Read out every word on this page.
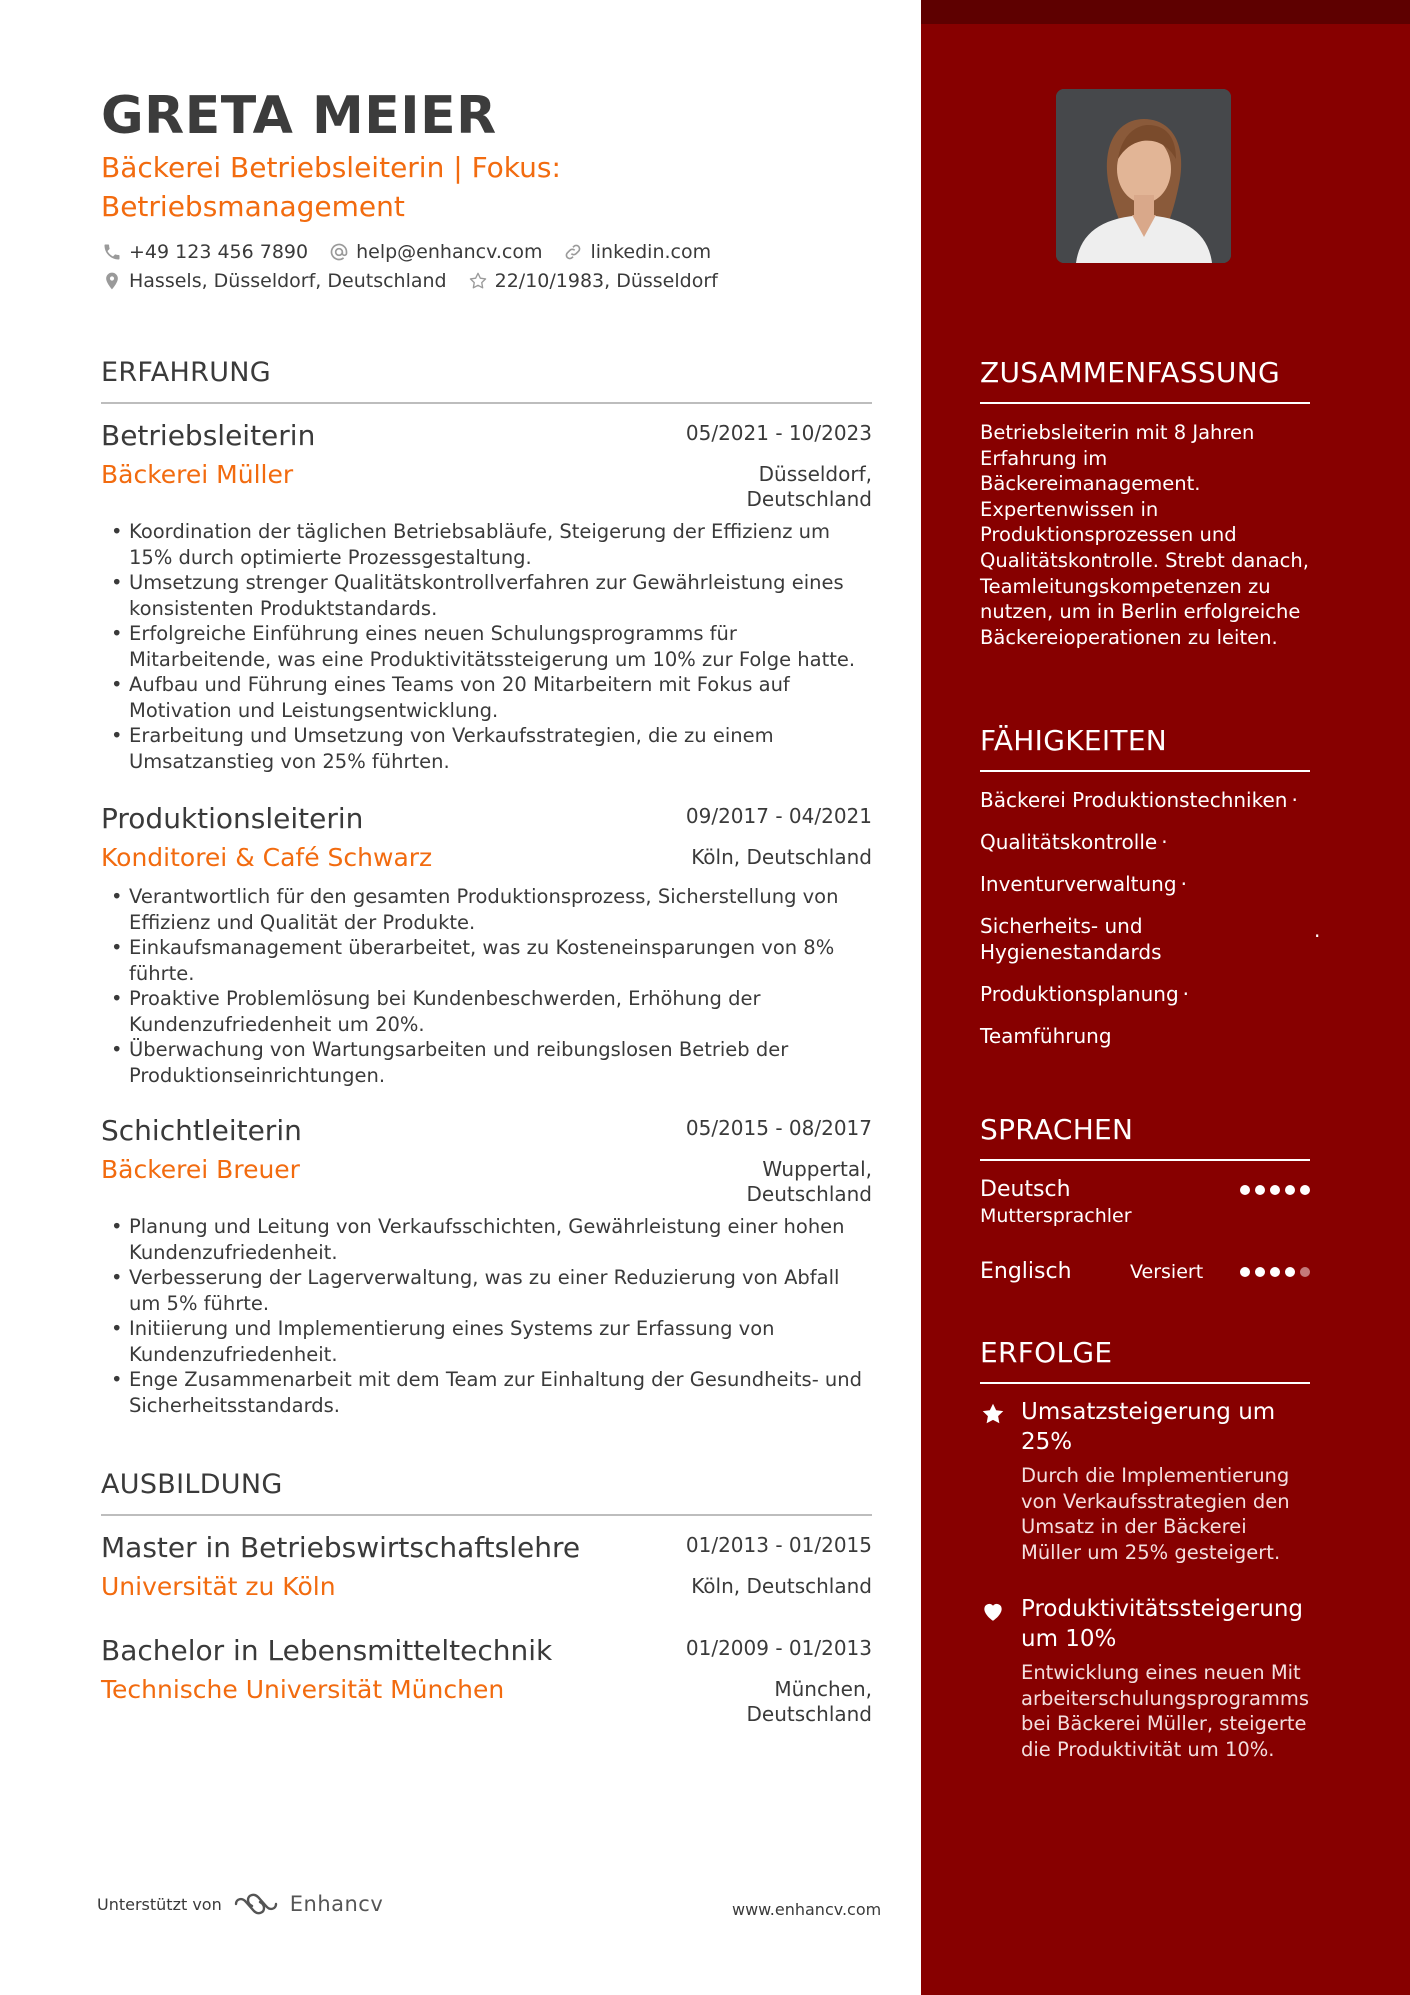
GRETA MEIER
Bäckerei Betriebsleiterin | Fokus: Betriebsmanagement
+49 123 456 7890	help@enhancv.com	linkedin.com
Hassels, Düsseldorf, Deutschland	22/10/1983, Düsseldorf
ERFAHRUNG
Betriebsleiterin	05/2021 - 10/2023
Bäckerei Müller	Düsseldorf, Deutschland
• Koordination der täglichen Betriebsabläufe, Steigerung der Effizienz um 15% durch optimierte Prozessgestaltung.
• Umsetzung strenger Qualitätskontrollverfahren zur Gewährleistung eines konsistenten Produktstandards.
• Erfolgreiche Einführung eines neuen Schulungsprogramms für Mitarbeitende, was eine Produktivitätssteigerung um 10% zur Folge hatte.
• Aufbau und Führung eines Teams von 20 Mitarbeitern mit Fokus auf Motivation und Leistungsentwicklung.
• Erarbeitung und Umsetzung von Verkaufsstrategien, die zu einem Umsatzanstieg von 25% führten.
Produktionsleiterin	09/2017 - 04/2021
Konditorei & Café Schwarz	Köln, Deutschland
• Verantwortlich für den gesamten Produktionsprozess, Sicherstellung von Effizienz und Qualität der Produkte.
• Einkaufsmanagement überarbeitet, was zu Kosteneinsparungen von 8% führte.
• Proaktive Problemlösung bei Kundenbeschwerden, Erhöhung der Kundenzufriedenheit um 20%.
• Überwachung von Wartungsarbeiten und reibungslosen Betrieb der Produktionseinrichtungen.
Schichtleiterin	05/2015 - 08/2017
Bäckerei Breuer	Wuppertal, Deutschland
• Planung und Leitung von Verkaufsschichten, Gewährleistung einer hohen Kundenzufriedenheit.
• Verbesserung der Lagerverwaltung, was zu einer Reduzierung von Abfall um 5% führte.
• Initiierung und Implementierung eines Systems zur Erfassung von Kundenzufriedenheit.
• Enge Zusammenarbeit mit dem Team zur Einhaltung der Gesundheits- und Sicherheitsstandards.
AUSBILDUNG
Master in Betriebswirtschaftslehre	01/2013 - 01/2015
Universität zu Köln	Köln, Deutschland
Bachelor in Lebensmitteltechnik	01/2009 - 01/2013
Technische Universität München	München, Deutschland
Unterstützt von	Enhancv	www.enhancv.com
ZUSAMMENFASSUNG
Betriebsleiterin mit 8 Jahren Erfahrung im Bäckereimanagement. Expertenwissen in Produktionsprozessen und Qualitätskontrolle. Strebt danach, Teamleitungskompetenzen zu nutzen, um in Berlin erfolgreiche Bäckereioperationen zu leiten.
FÄHIGKEITEN
Bäckerei Produktionstechniken ·
Qualitätskontrolle ·
Inventurverwaltung ·
Sicherheits- und Hygienestandards
·
Produktionsplanung ·
Teamführung
SPRACHEN
Deutsch
Muttersprachler
Englisch	Versiert
ERFOLGE
Umsatzsteigerung um 25%
Durch die Implementierung von Verkaufsstrategien den Umsatz in der Bäckerei Müller um 25% gesteigert.
Produktivitätssteigerung um 10%
Entwicklung eines neuen Mitarbeiterschulungsprogramms bei Bäckerei Müller, steigerte die Produktivität um 10%.
